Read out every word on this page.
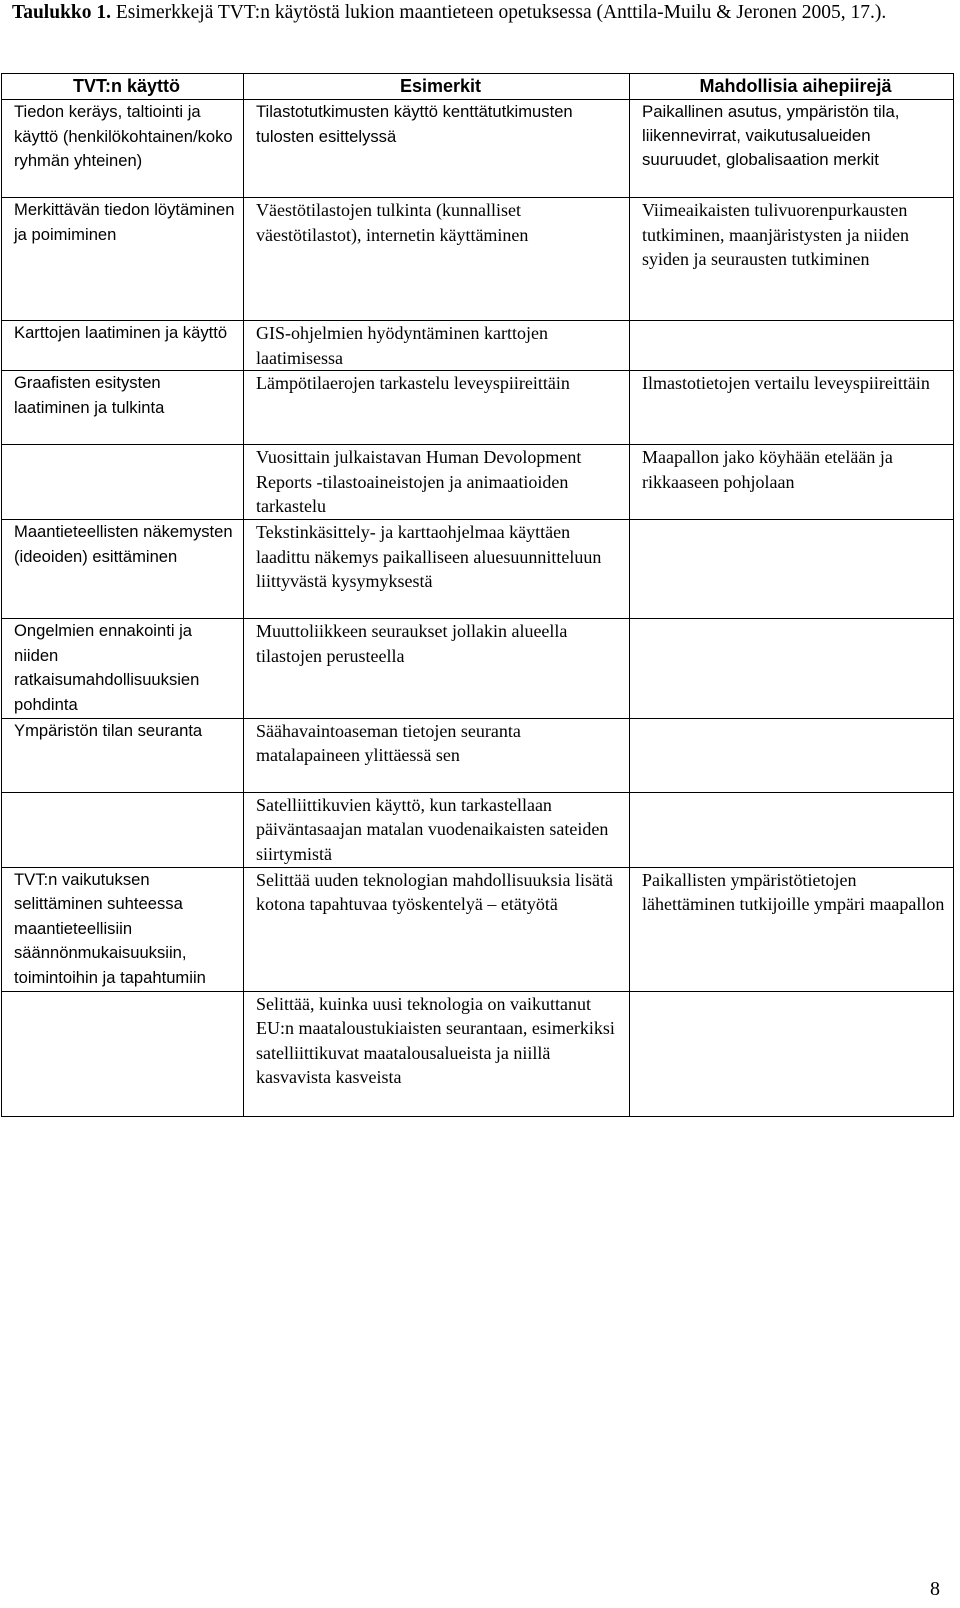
Taulukko 1. Esimerkkejä TVT:n käytöstä lukion maantieteen opetuksessa (Anttila-Muilu & Jeronen 2005, 17.).
TVT:n käyttö	Esimerkit	Mahdollisia aihepiirejä
Tiedon keräys, taltiointi ja käyttö (henkilökohtainen/koko ryhmän yhteinen)	Tilastotutkimusten käyttö kenttätutkimusten tulosten esittelyssä	Paikallinen asutus, ympäristön tila, liikennevirrat, vaikutusalueiden suuruudet, globalisaation merkit
Merkittävän tiedon löytäminen ja poimiminen	Väestötilastojen tulkinta (kunnalliset väestötilastot), internetin käyttäminen	Viimeaikaisten tulivuorenpurkausten tutkiminen, maanjäristysten ja niiden syiden ja seurausten tutkiminen
Karttojen laatiminen ja käyttö	GIS-ohjelmien hyödyntäminen karttojen laatimisessa	
Graafisten esitysten laatiminen ja tulkinta	Lämpötilaerojen tarkastelu leveyspiireittäin	Ilmastotietojen vertailu leveyspiireittäin
	Vuosittain julkaistavan Human Devolopment Reports -tilastoaineistojen ja animaatioiden tarkastelu	Maapallon jako köyhään etelään ja rikkaaseen pohjolaan
Maantieteellisten näkemysten (ideoiden) esittäminen	Tekstinkäsittely- ja karttaohjelmaa käyttäen laadittu näkemys paikalliseen aluesuunnitteluun liittyvästä kysymyksestä	
Ongelmien ennakointi ja niiden ratkaisumahdollisuuksien pohdinta	Muuttoliikkeen seuraukset jollakin alueella tilastojen perusteella	
Ympäristön tilan seuranta	Säähavaintoaseman tietojen seuranta matalapaineen ylittäessä sen	
	Satelliittikuvien käyttö, kun tarkastellaan päiväntasaajan matalan vuodenaikaisten sateiden siirtymistä	
TVT:n vaikutuksen selittäminen suhteessa maantieteellisiin säännönmukaisuuksiin, toimintoihin ja tapahtumiin	Selittää uuden teknologian mahdollisuuksia lisätä kotona tapahtuvaa työskentelyä – etätyötä	Paikallisten ympäristötietojen lähettäminen tutkijoille ympäri maapallon
	Selittää, kuinka uusi teknologia on vaikuttanut EU:n maataloustukiaisten seurantaan, esimerkiksi satelliittikuvat maatalousalueista ja niillä kasvavista kasveista	
8
